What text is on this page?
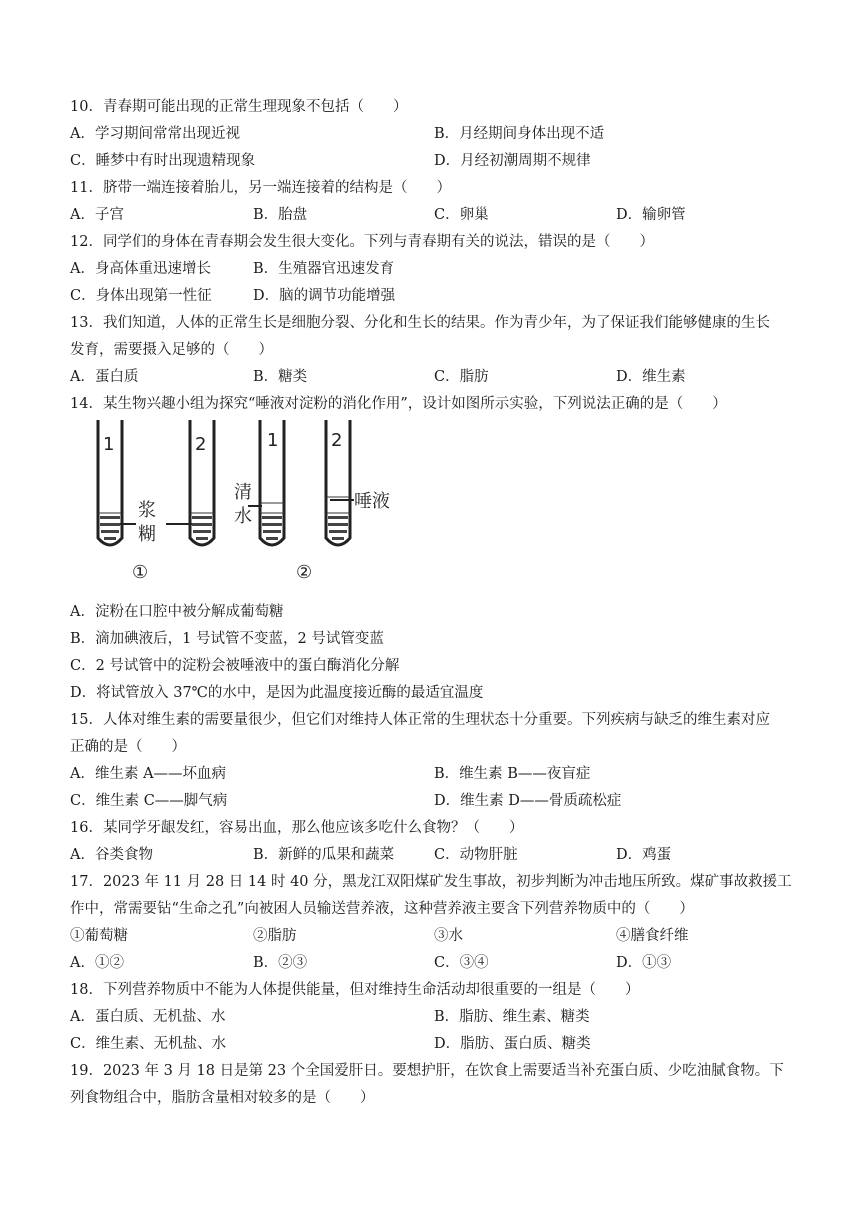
10．青春期可能出现的正常生理现象不包括（　　）
A．学习期间常常出现近视	B．月经期间身体出现不适
C．睡梦中有时出现遗精现象	D．月经初潮周期不规律
11．脐带一端连接着胎儿，另一端连接着的结构是（　　）
A．子宫	B．胎盘	C．卵巢	D．输卵管
12．同学们的身体在青春期会发生很大变化。下列与青春期有关的说法，错误的是（　　）
A．身高体重迅速增长	B．生殖器官迅速发育
C．身体出现第一性征	D．脑的调节功能增强
13．我们知道，人体的正常生长是细胞分裂、分化和生长的结果。作为青少年，为了保证我们能够健康的生长
发育，需要摄入足够的（　　）
A．蛋白质	B．糖类	C．脂肪	D．维生素
14．某生物兴趣小组为探究“唾液对淀粉的消化作用”，设计如图所示实验，下列说法正确的是（　　）
1	2	1	2
浆
糊
清
水
唾液
①	②
A．淀粉在口腔中被分解成葡萄糖
B．滴加碘液后，1 号试管不变蓝，2 号试管变蓝
C．2 号试管中的淀粉会被唾液中的蛋白酶消化分解
D．将试管放入 37℃的水中，是因为此温度接近酶的最适宜温度
15．人体对维生素的需要量很少，但它们对维持人体正常的生理状态十分重要。下列疾病与缺乏的维生素对应
正确的是（　　）
A．维生素 A——坏血病	B．维生素 B——夜盲症
C．维生素 C——脚气病	D．维生素 D——骨质疏松症
16．某同学牙龈发红，容易出血，那么他应该多吃什么食物？（　　）
A．谷类食物	B．新鲜的瓜果和蔬菜	C．动物肝脏	D．鸡蛋
17．2023 年 11 月 28 日 14 时 40 分，黑龙江双阳煤矿发生事故，初步判断为冲击地压所致。煤矿事故救援工
作中，常需要钻“生命之孔”向被困人员输送营养液，这种营养液主要含下列营养物质中的（　　）
①葡萄糖	②脂肪	③水	④膳食纤维
A．①②	B．②③	C．③④	D．①③
18．下列营养物质中不能为人体提供能量，但对维持生命活动却很重要的一组是（　　）
A．蛋白质、无机盐、水	B．脂肪、维生素、糖类
C．维生素、无机盐、水	D．脂肪、蛋白质、糖类
19．2023 年 3 月 18 日是第 23 个全国爱肝日。要想护肝，在饮食上需要适当补充蛋白质、少吃油腻食物。下
列食物组合中，脂肪含量相对较多的是（　　）
